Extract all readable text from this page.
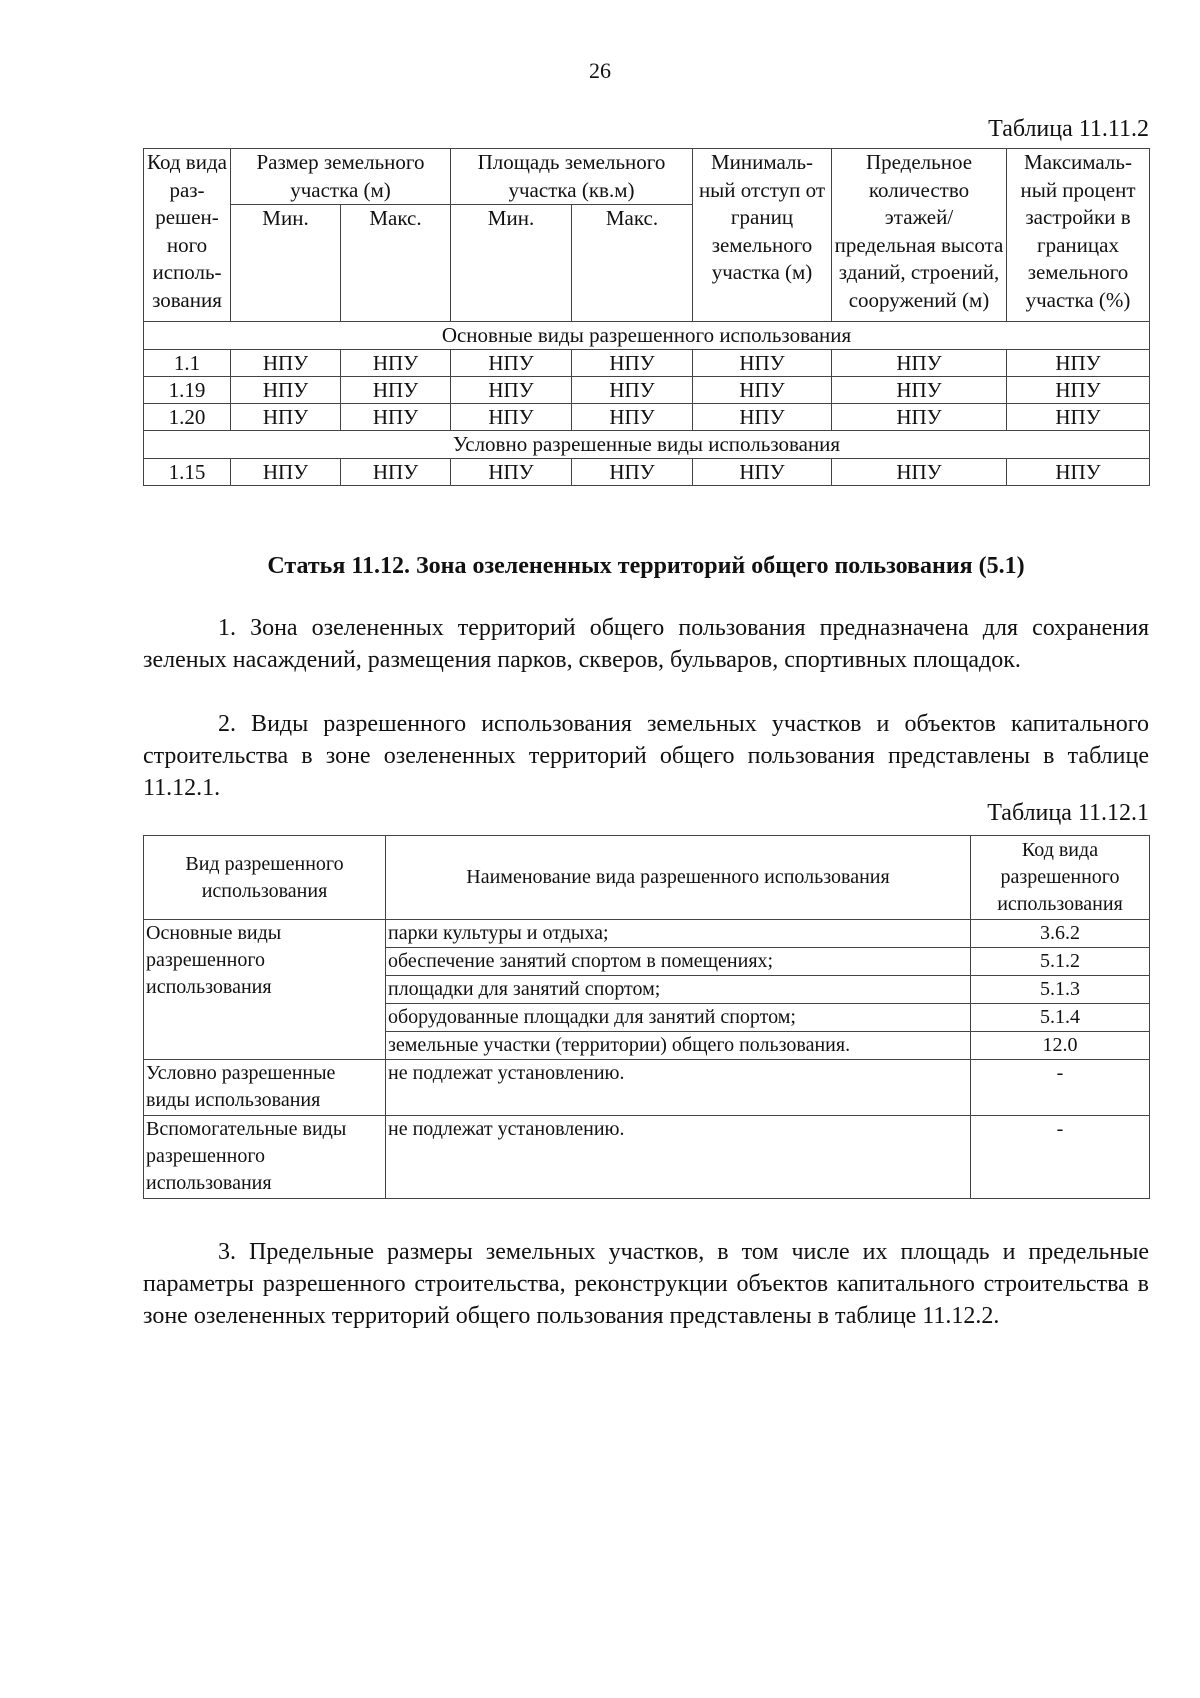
26
Таблица 11.11.2
Код вида раз-решен-ного исполь-зования	Размер земельного участка (м)		Площадь земельного участка (кв.м)		Минималь-ный отступ от границ земельного участка (м)	Предельное количество этажей/ предельная высота зданий, строений, сооружений (м)	Максималь-ный процент застройки в границах земельного участка (%)
	Мин.	Макс.	Мин.	Макс.			
Основные виды разрешенного использования							
1.1	НПУ	НПУ	НПУ	НПУ	НПУ	НПУ	НПУ
1.19	НПУ	НПУ	НПУ	НПУ	НПУ	НПУ	НПУ
1.20	НПУ	НПУ	НПУ	НПУ	НПУ	НПУ	НПУ
Условно разрешенные виды использования							
1.15	НПУ	НПУ	НПУ	НПУ	НПУ	НПУ	НПУ
Статья 11.12. Зона озелененных территорий общего пользования (5.1)

1. Зона озелененных территорий общего пользования предназначена для сохранения зеленых насаждений, размещения парков, скверов, бульваров, спортивных площадок.

2. Виды разрешенного использования земельных участков и объектов капитального строительства в зоне озелененных территорий общего пользования представлены в таблице 11.12.1.

Таблица 11.12.1
Вид разрешенного использования	Наименование вида разрешенного использования	Код вида разрешенного использования
Основные виды разрешенного использования	парки культуры и отдыха;	3.6.2
	обеспечение занятий спортом в помещениях;	5.1.2
	площадки для занятий спортом;	5.1.3
	оборудованные площадки для занятий спортом;	5.1.4
	земельные участки (территории) общего пользования.	12.0
Условно разрешенные виды использования	не подлежат установлению.	-
Вспомогательные виды разрешенного использования	не подлежат установлению.	-

3. Предельные размеры земельных участков, в том числе их площадь и предельные параметры разрешенного строительства, реконструкции объектов капитального строительства в зоне озелененных территорий общего пользования представлены в таблице 11.12.2.
